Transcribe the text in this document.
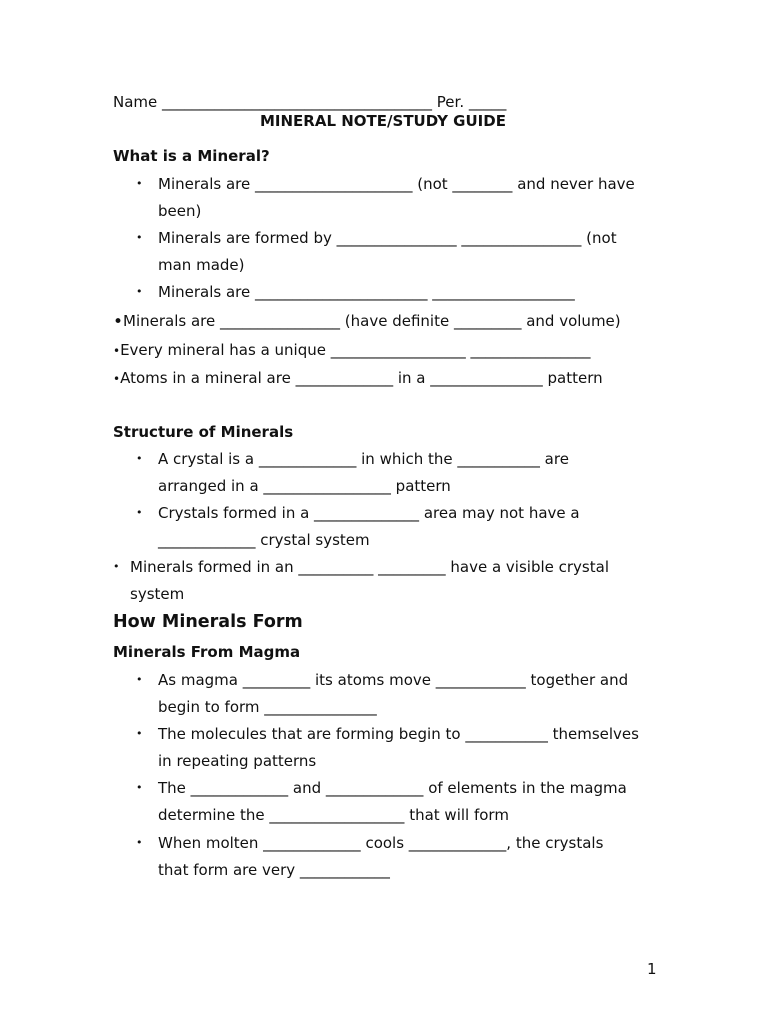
Name ____________________________________ Per. _____
MINERAL NOTE/STUDY GUIDE
What is a Mineral?
• Minerals are _____________________ (not ________ and never have
been)
• Minerals are formed by ________________ ________________ (not
man made)
• Minerals are _______________________ ___________________
•Minerals are ________________ (have definite _________ and volume)
•Every mineral has a unique __________________ ________________
•Atoms in a mineral are _____________ in a _______________ pattern
Structure of Minerals
• A crystal is a _____________ in which the ___________ are
arranged in a _________________ pattern
• Crystals formed in a ______________ area may not have a
_____________ crystal system
• Minerals formed in an __________ _________ have a visible crystal
system
How Minerals Form
Minerals From Magma
• As magma _________ its atoms move ____________ together and
begin to form _______________
• The molecules that are forming begin to ___________ themselves
in repeating patterns
• The _____________ and _____________ of elements in the magma
determine the __________________ that will form
• When molten _____________ cools _____________, the crystals
that form are very ____________
1
